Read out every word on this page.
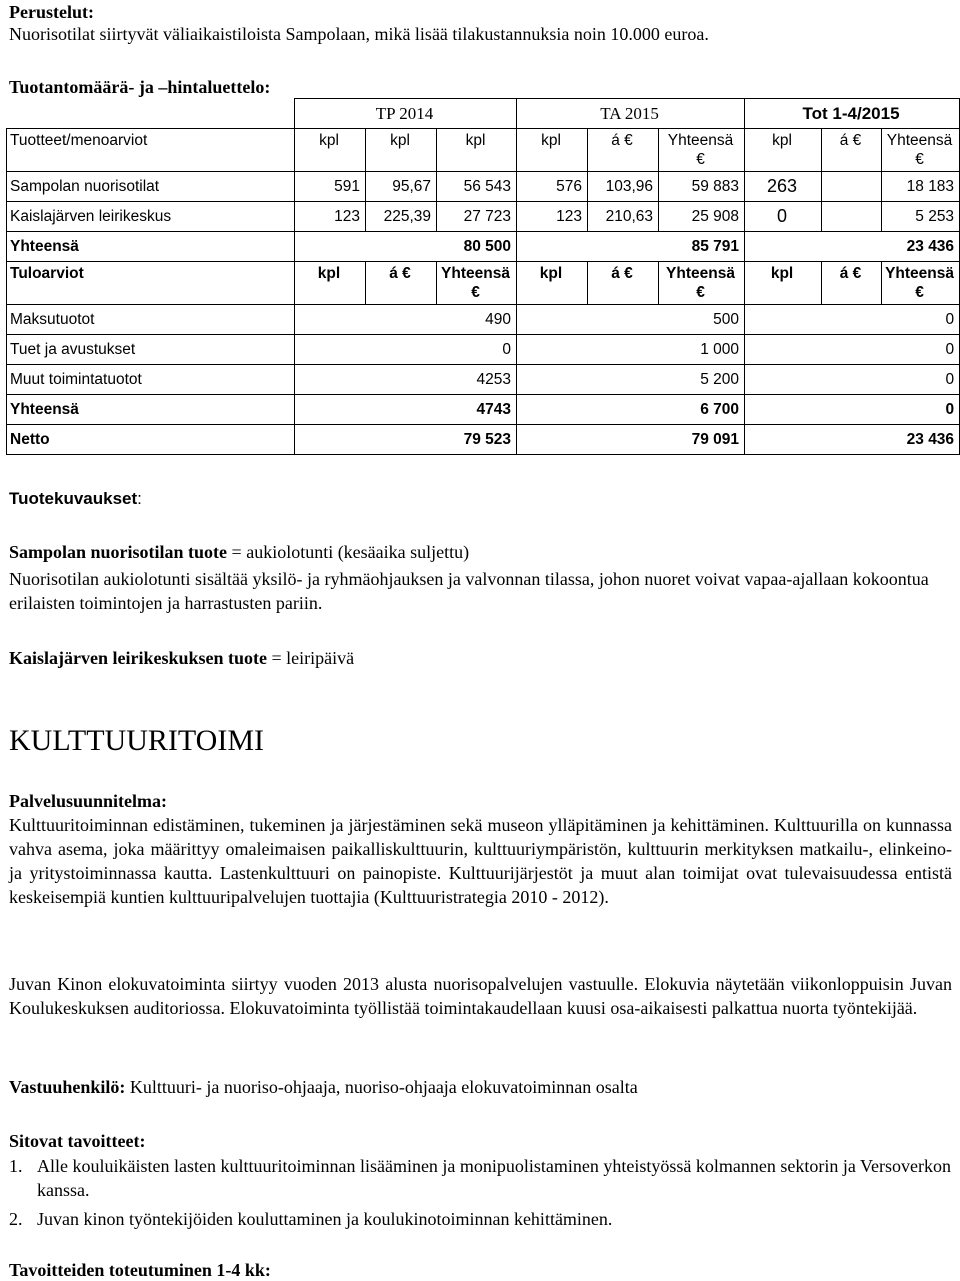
Perustelut:
Nuorisotilat siirtyvät väliaikaistiloista Sampolaan, mikä lisää tilakustannuksia noin 10.000 euroa.
Tuotantomäärä- ja –hintaluettelo:
	TP 2014			TA 2015			Tot 1-4/2015		
Tuotteet/menoarviot	kpl	kpl	kpl	kpl	á €	Yhteensä €	kpl	á €	Yhteensä €
Sampolan nuorisotilat	591	95,67	56 543	576	103,96	59 883	263		18 183
Kaislajärven leirikeskus	123	225,39	27 723	123	210,63	25 908	0		5 253
Yhteensä	80 500			85 791			23 436		
Tuloarviot	kpl	á €	Yhteensä €	kpl	á €	Yhteensä €	kpl	á €	Yhteensä €
Maksutuotot	490			500			0		
Tuet ja avustukset	0			1 000			0		
Muut toimintatuotot	4253			5 200			0		
Yhteensä	4743			6 700			0		
Netto	79 523			79 091			23 436		
Tuotekuvaukset:
Sampolan nuorisotilan tuote = aukiolotunti (kesäaika suljettu)
Nuorisotilan aukiolotunti sisältää yksilö- ja ryhmäohjauksen ja valvonnan tilassa, johon nuoret voivat vapaa-ajallaan kokoontua erilaisten toimintojen ja harrastusten pariin.
Kaislajärven leirikeskuksen tuote = leiripäivä
KULTTUURITOIMI
Palvelusuunnitelma:
Kulttuuritoiminnan edistäminen, tukeminen ja järjestäminen sekä museon ylläpitäminen ja kehittäminen. Kulttuurilla on kunnassa vahva asema, joka määrittyy omaleimaisen paikalliskulttuurin, kulttuuriympäristön, kulttuurin merkityksen matkailu-, elinkeino- ja yritystoiminnassa kautta. Lastenkulttuuri on painopiste. Kulttuurijärjestöt ja muut alan toimijat ovat tulevaisuudessa entistä keskeisempiä kuntien kulttuuripalvelujen tuottajia (Kulttuuristrategia 2010 - 2012).
Juvan Kinon elokuvatoiminta siirtyy vuoden 2013 alusta nuorisopalvelujen vastuulle. Elokuvia näytetään viikonloppuisin Juvan Koulukeskuksen auditoriossa. Elokuvatoiminta työllistää toimintakaudellaan kuusi osa-aikaisesti palkattua nuorta työntekijää.
Vastuuhenkilö: Kulttuuri- ja nuoriso-ohjaaja, nuoriso-ohjaaja elokuvatoiminnan osalta
Sitovat tavoitteet:
1. Alle kouluikäisten lasten kulttuuritoiminnan lisääminen ja monipuolistaminen yhteistyössä kolmannen sektorin ja Versoverkon kanssa.
2. Juvan kinon työntekijöiden kouluttaminen ja koulukinotoiminnan kehittäminen.
Tavoitteiden toteutuminen 1-4 kk:
